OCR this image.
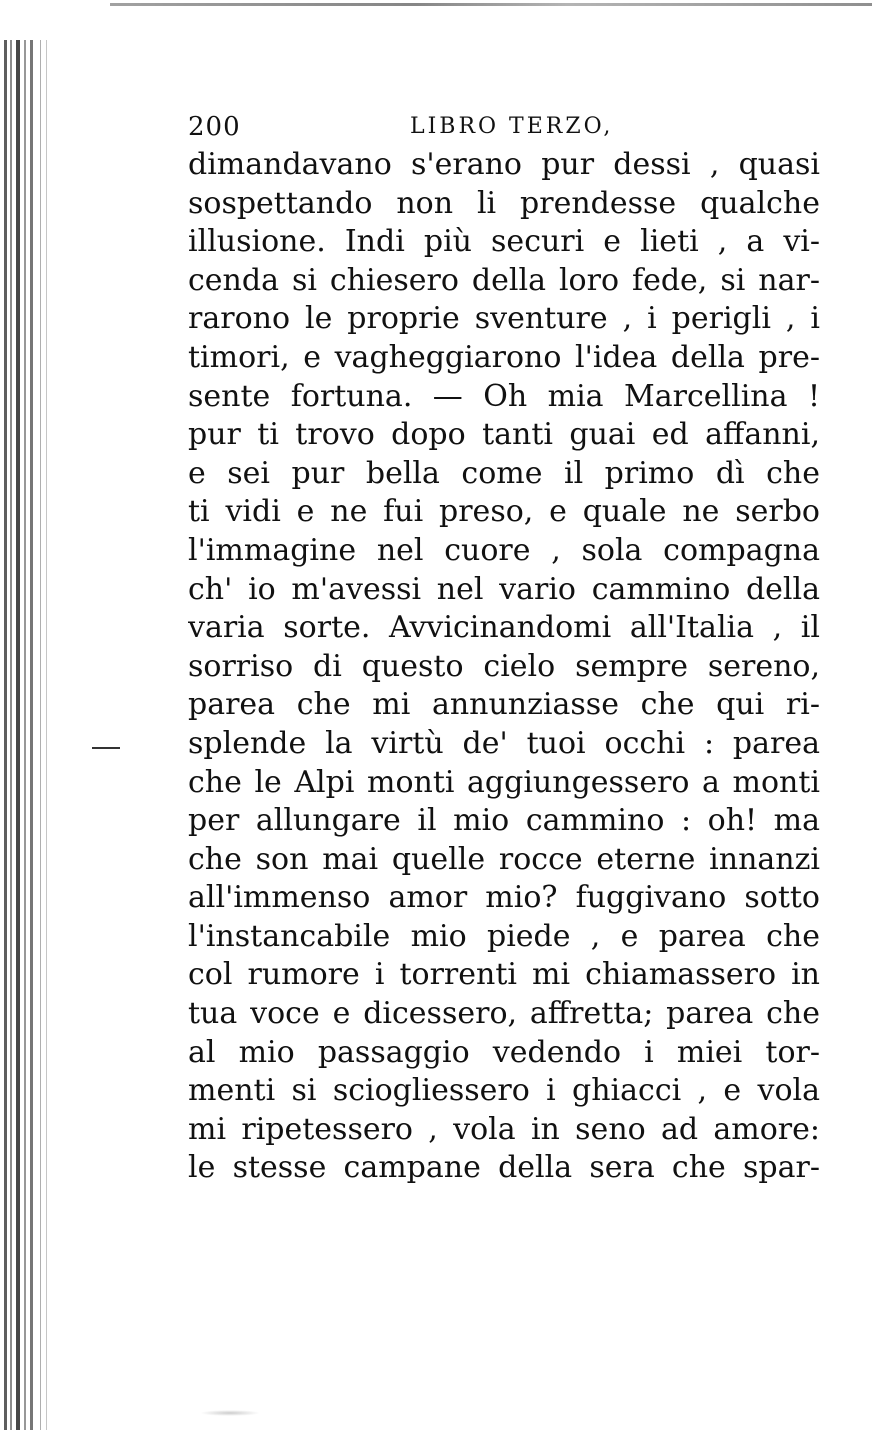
200	LIBRO TERZO,
dimandavano s'erano pur dessi , quasi
sospettando non li prendesse qualche
illusione. Indi più securi e lieti , a vi-
cenda si chiesero della loro fede, si nar-
rarono le proprie sventure , i perigli , i
timori, e vagheggiarono l'idea della pre-
sente fortuna. — Oh mia Marcellina !
pur ti trovo dopo tanti guai ed affanni,
e sei pur bella come il primo dì che
ti vidi e ne fui preso, e quale ne serbo
l'immagine nel cuore , sola compagna
ch' io m'avessi nel vario cammino della
varia sorte. Avvicinandomi all'Italia , il
sorriso di questo cielo sempre sereno,
parea che mi annunziasse che qui ri-
splende la virtù de' tuoi occhi : parea
che le Alpi monti aggiungessero a monti
per allungare il mio cammino : oh! ma
che son mai quelle rocce eterne innanzi
all'immenso amor mio? fuggivano sotto
l'instancabile mio piede , e parea che
col rumore i torrenti mi chiamassero in
tua voce e dicessero, affretta; parea che
al mio passaggio vedendo i miei tor-
menti si sciogliessero i ghiacci , e vola
mi ripetessero , vola in seno ad amore:
le stesse campane della sera che spar-
